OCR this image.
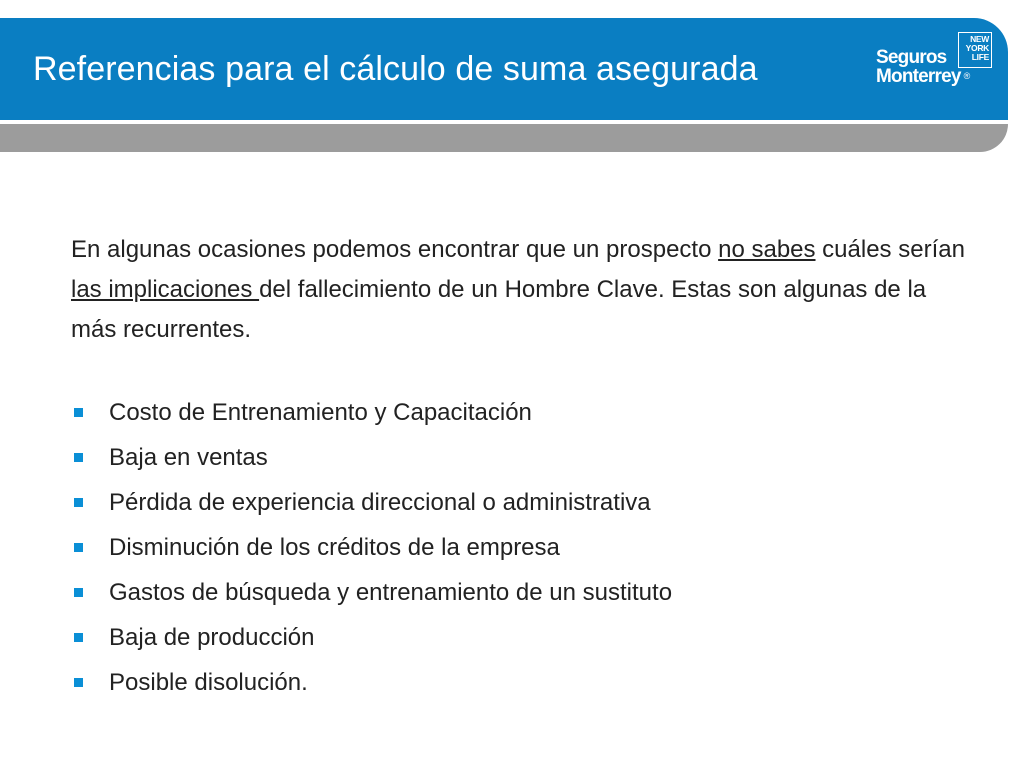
Referencias para el cálculo de suma asegurada	Seguros
Monterrey ®
NEW
YORK
LIFE
En algunas ocasiones podemos encontrar que un prospecto no sabes cuáles serían las implicaciones del fallecimiento de un Hombre Clave. Estas son algunas de la más recurrentes.
Costo de Entrenamiento y Capacitación
Baja en ventas
Pérdida de experiencia direccional o administrativa
Disminución de los créditos de la empresa
Gastos de búsqueda y entrenamiento de un sustituto
Baja de producción
Posible disolución.
